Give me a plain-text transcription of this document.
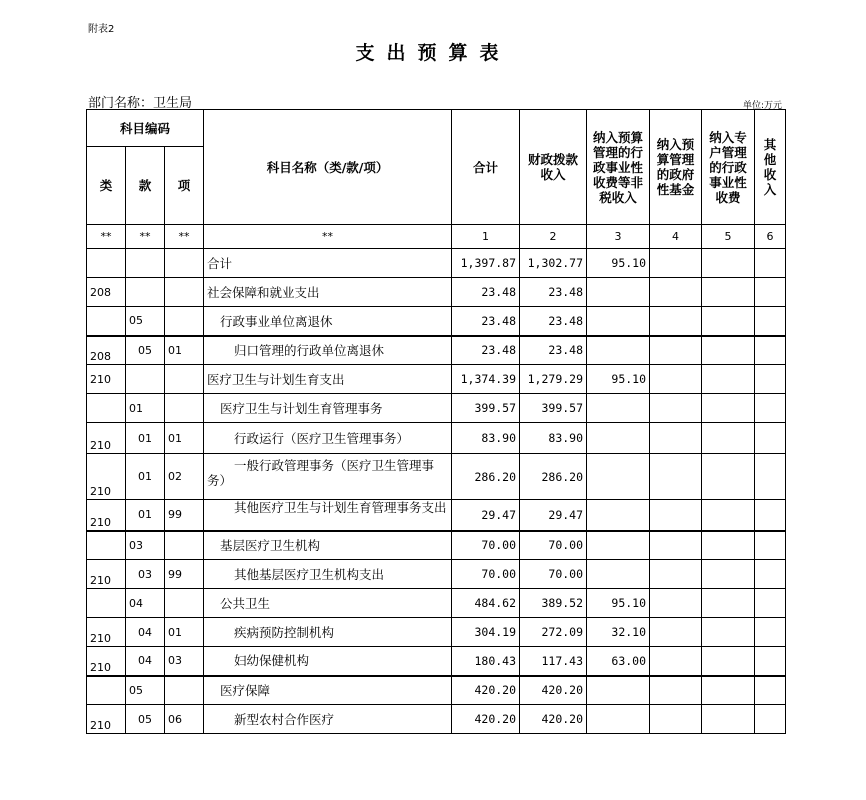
附表2
支出预算表
部门名称：卫生局	单位:万元
科目编码			科目名称（类/款/项）	合计	财政拨款收入	纳入预算管理的行政事业性收费等非税收入	纳入预算管理的政府性基金	纳入专户管理的行政事业性收费	其他收入
类	款	项							
**	**	**	**	1	2	3	4	5	6
			合计	1,397.87	1,302.77	95.10			
208			社会保障和就业支出	23.48	23.48				
	05		行政事业单位离退休	23.48	23.48				
208	05	01	归口管理的行政单位离退休	23.48	23.48				
210			医疗卫生与计划生育支出	1,374.39	1,279.29	95.10			
	01		医疗卫生与计划生育管理事务	399.57	399.57				
210	01	01	行政运行（医疗卫生管理事务）	83.90	83.90				
210	01	02	一般行政管理事务（医疗卫生管理事务）	286.20	286.20				
210	01	99	其他医疗卫生与计划生育管理事务支出	29.47	29.47				
	03		基层医疗卫生机构	70.00	70.00				
210	03	99	其他基层医疗卫生机构支出	70.00	70.00				
	04		公共卫生	484.62	389.52	95.10			
210	04	01	疾病预防控制机构	304.19	272.09	32.10			
210	04	03	妇幼保健机构	180.43	117.43	63.00			
	05		医疗保障	420.20	420.20				
210	05	06	新型农村合作医疗	420.20	420.20				
